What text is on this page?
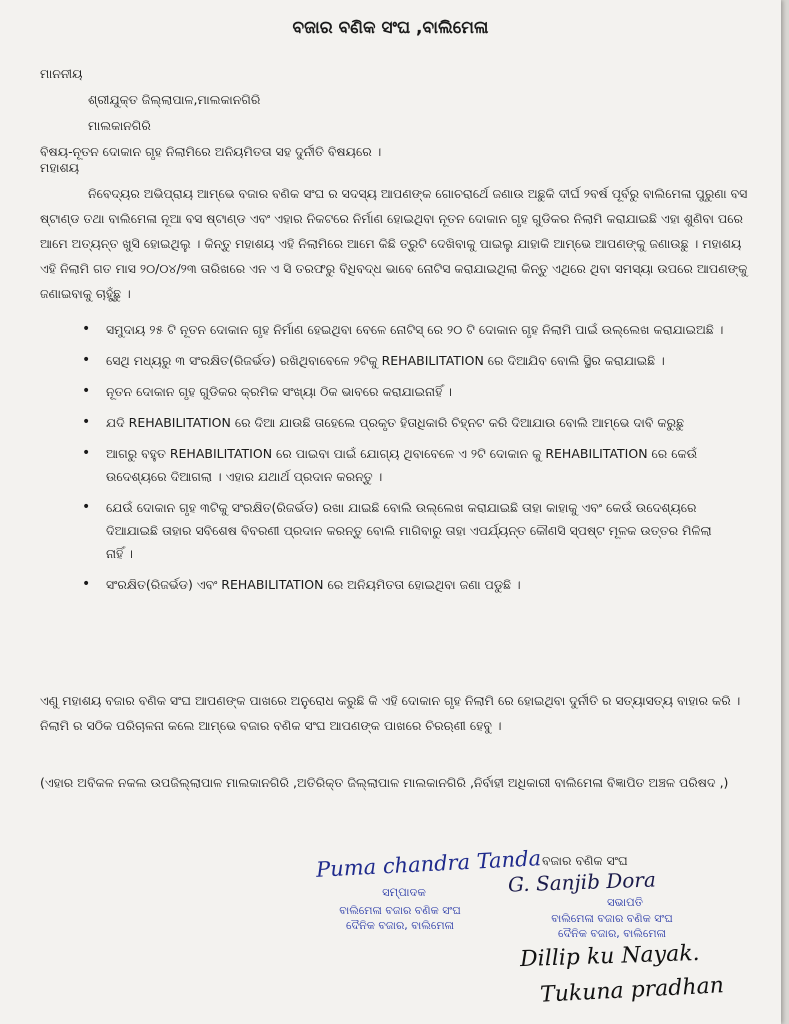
ବଜାର ବଣିକ ସଂଘ ,ବାଲିମେଳା
ମାନନୀୟ
ଶ୍ରୀଯୁକ୍ତ ଜିଲ୍ଲାପାଳ,ମାଲକାନଗିରି
ମାଲକାନଗିରି
ବିଷୟ-ନୂତନ ଦୋକାନ ଗୃହ ନିଲାମିରେ ଅନିୟମିତତା ସହ ଦୁର୍ନୀତି ବିଷୟରେ ।
ମହାଶୟ
ନିବେଦ୍ୟର ଅଭିପ୍ରାୟ ଆମ୍ଭେ ବଜାର ବଣିକ ସଂଘ ର ସଦସ୍ୟ ଆପଣଙ୍କ ଗୋଚରାର୍ଥେ ଜଣାଉ ଅଛୁକି ଦୀର୍ଘ ୨ବର୍ଷ ପୂର୍ବରୁ ବାଲିମେଳା ପୁରୁଣା ବସ ଷ୍ଟାଣ୍ଡ ତଥା ବାଲିମେଳା ନୂଆ ବସ ଷ୍ଟାଣ୍ଡ ଏବଂ ଏହାର ନିକଟରେ ନିର୍ମାଣ ହୋଇଥିବା ନୂତନ ଦୋକାନ ଗୃହ ଗୁଡିକର ନିଲାମି କରାଯାଇଛି ଏହା ଶୁଣିବା ପରେ ଆମେ ଅତ୍ୟନ୍ତ ଖୁସି ହୋଇଥିଲୁ । କିନ୍ତୁ ମହାଶୟ ଏହି ନିଲାମିରେ ଆମେ କିଛି ତ୍ରୁଟି ଦେଖିବାକୁ ପାଇଲୁ ଯାହାକି ଆମ୍ଭେ ଆପଣଙ୍କୁ ଜଣାଉଛୁ । ମହାଶୟ ଏହି ନିଲାମି ଗତ ମାସ ୨୦/୦୪/୨୩ ତାରିଖରେ ଏନ ଏ ସି ତରଫରୁ ବିଧିବଦ୍ଧ ଭାବେ ନୋଟିସ କରାଯାଇଥିଲା କିନ୍ତୁ ଏଥିରେ ଥିବା ସମସ୍ୟା ଉପରେ ଆପଣଙ୍କୁ ଜଣାଇବାକୁ ଚାହୁଁଛୁ ।
• ସମୁଦାୟ ୨୫ ଟି ନୂତନ ଦୋକାନ ଗୃହ ନିର୍ମାଣ ହେଇଥିବା ବେଳେ ନୋଟିସ୍ ରେ ୨୦ ଟି ଦୋକାନ ଗୃହ ନିଲାମି ପାଇଁ ଉଲ୍ଲେଖ କରାଯାଇଅଛି ।
• ସେଥି ମଧ୍ୟରୁ ୩ ସଂରକ୍ଷିତ(ରିଜର୍ଭଡ) ରଖିଥିବାବେଳେ ୨ଟିକୁ REHABILITATION ରେ ଦିଆଯିବ ବୋଲି ସ୍ଥିର କରାଯାଇଛି ।
• ନୂତନ ଦୋକାନ ଗୃହ ଗୁଡିକର କ୍ରମିକ ସଂଖ୍ୟା ଠିକ ଭାବରେ କରାଯାଇନାହିଁ ।
• ଯଦି REHABILITATION ରେ ଦିଆ ଯାଉଛି ତାହେଲେ ପ୍ରକୃତ ହିତାଧିକାରି ଚିହ୍ନଟ କରି ଦିଆଯାଉ ବୋଲି ଆମ୍ଭେ ଦାବି କରୁଛୁ
• ଆଗରୁ ବହୁତ REHABILITATION ରେ ପାଇବା ପାଇଁ ଯୋଗ୍ୟ ଥିବାବେଳେ ଏ ୨ଟି ଦୋକାନ କୁ REHABILITATION ରେ କେଉଁ ଉଦେଶ୍ୟରେ ଦିଆଗଲା । ଏହାର ଯଥାର୍ଥ ପ୍ରଦାନ କରନ୍ତୁ ।
• ଯେଉଁ ଦୋକାନ ଗୃହ ୩ଟିକୁ ସଂରକ୍ଷିତ(ରିଜର୍ଭଡ) ରଖା ଯାଇଛି ବୋଲି ଉଲ୍ଲେଖ କରାଯାଇଛି ତାହା କାହାକୁ ଏବଂ କେଉଁ ଉଦେଶ୍ୟରେ ଦିଆଯାଇଛି ତାହାର ସବିଶେଷ ବିବରଣୀ ପ୍ରଦାନ କରନ୍ତୁ ବୋଲି ମାଗିବାରୁ ତାହା ଏପର୍ଯ୍ୟନ୍ତ କୌଣସି ସ୍ପଷ୍ଟ ମୂଳକ ଉତ୍ତର ମିଳିଲା ନାହିଁ ।
• ସଂରକ୍ଷିତ(ରିଜର୍ଭଡ) ଏବଂ REHABILITATION ରେ ଅନିୟମିତତା ହୋଇଥିବା ଜଣା ପଡୁଛି ।
ଏଣୁ ମହାଶୟ ବଜାର ବଣିକ ସଂଘ ଆପଣଙ୍କ ପାଖରେ ଅନୁରୋଧ କରୁଛି କି ଏହି ଦୋକାନ ଗୃହ ନିଲାମି ରେ ହୋଇଥିବା ଦୁର୍ନୀତି ର ସତ୍ୟାସତ୍ୟ ବାହାର କରି । ନିଲାମି ର ସଠିକ ପରିଚାଳନା କଲେ ଆମ୍ଭେ ବଜାର ବଣିକ ସଂଘ ଆପଣଙ୍କ ପାଖରେ ଚିରଋଣୀ ହେବୁ ।
(ଏହାର ଅବିକଳ ନକଲ ଉପଜିଲ୍ଲାପାଳ ମାଲକାନଗିରି ,ଅତିରିକ୍ତ ଜିଲ୍ଲାପାଳ ମାଲକାନଗିରି ,ନିର୍ବାହୀ ଅଧିକାରୀ ବାଲିମେଳା ବିଜ୍ଞାପିତ ଅଞ୍ଚଳ ପରିଷଦ ,)
ବଜାର ବଣିକ ସଂଘ
Puma chandra Tanda
ସମ୍ପାଦକ
ବାଲିମେଳା ବଜାର ବଣିକ ସଂଘ
ଦୈନିକ ବଜାର, ବାଲିମେଳା
G. Sanjib Dora
ସଭାପତି
ବାଲିମେଳା ବଜାର ବଣିକ ସଂଘ
ଦୈନିକ ବଜାର, ବାଲିମେଳା
Dillip ku Nayak.
Tukuna pradhan
